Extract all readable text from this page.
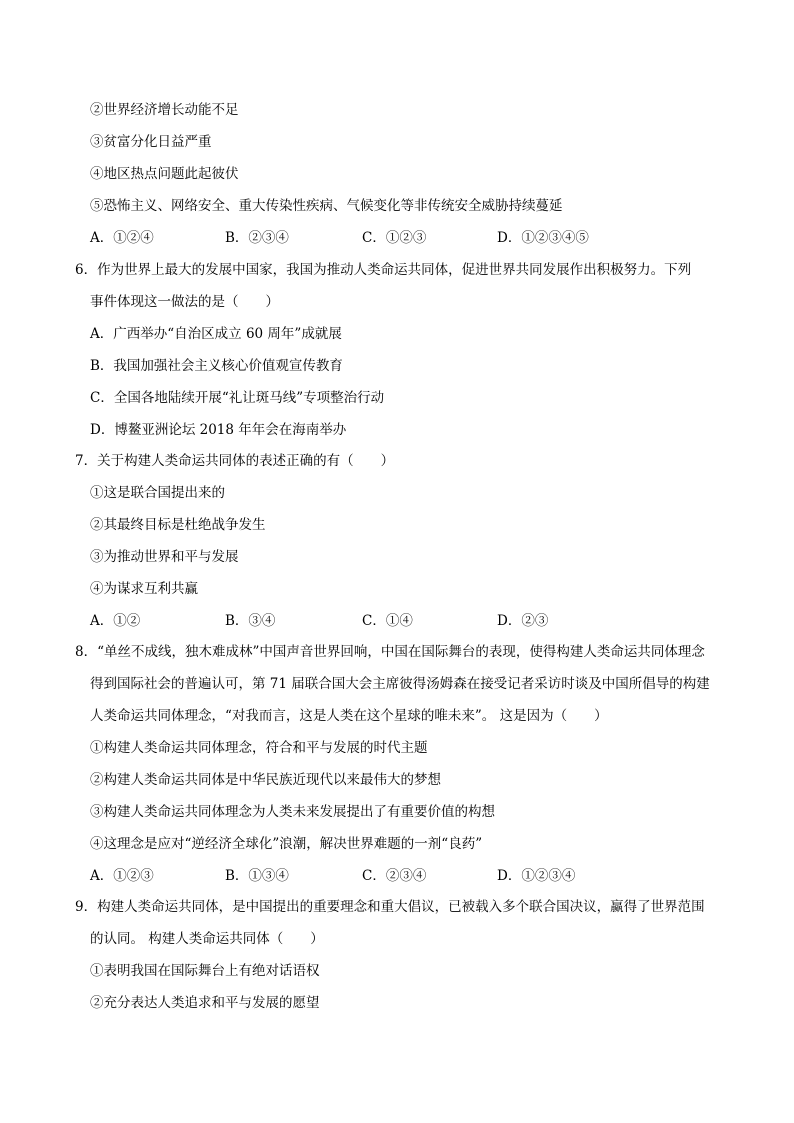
②世界经济增长动能不足
③贫富分化日益严重
④地区热点问题此起彼伏
⑤恐怖主义、网络安全、重大传染性疾病、气候变化等非传统安全威胁持续蔓延
A．①②④	B．②③④	C．①②③	D．①②③④⑤
6．作为世界上最大的发展中国家，我国为推动人类命运共同体，促进世界共同发展作出积极努力。下列
事件体现这一做法的是（　　）
A．广西举办“自治区成立 60 周年”成就展
B．我国加强社会主义核心价值观宣传教育
C．全国各地陆续开展“礼让斑马线”专项整治行动
D．博鳌亚洲论坛 2018 年年会在海南举办
7．关于构建人类命运共同体的表述正确的有（　　）
①这是联合国提出来的
②其最终目标是杜绝战争发生
③为推动世界和平与发展
④为谋求互利共赢
A．①②	B．③④	C．①④	D．②③
8．“单丝不成线，独木难成林”中国声音世界回响，中国在国际舞台的表现，使得构建人类命运共同体理念
得到国际社会的普遍认可，第 71 届联合国大会主席彼得汤姆森在接受记者采访时谈及中国所倡导的构建
人类命运共同体理念，“对我而言，这是人类在这个星球的唯未来”。 这是因为（　　）
①构建人类命运共同体理念，符合和平与发展的时代主题
②构建人类命运共同体是中华民族近现代以来最伟大的梦想
③构建人类命运共同体理念为人类未来发展提出了有重要价值的构想
④这理念是应对“逆经济全球化”浪潮，解决世界难题的一剂“良药”
A．①②③	B．①③④	C．②③④	D．①②③④
9．构建人类命运共同体，是中国提出的重要理念和重大倡议，已被载入多个联合国决议，赢得了世界范围
的认同。 构建人类命运共同体（　　）
①表明我国在国际舞台上有绝对话语权
②充分表达人类追求和平与发展的愿望
